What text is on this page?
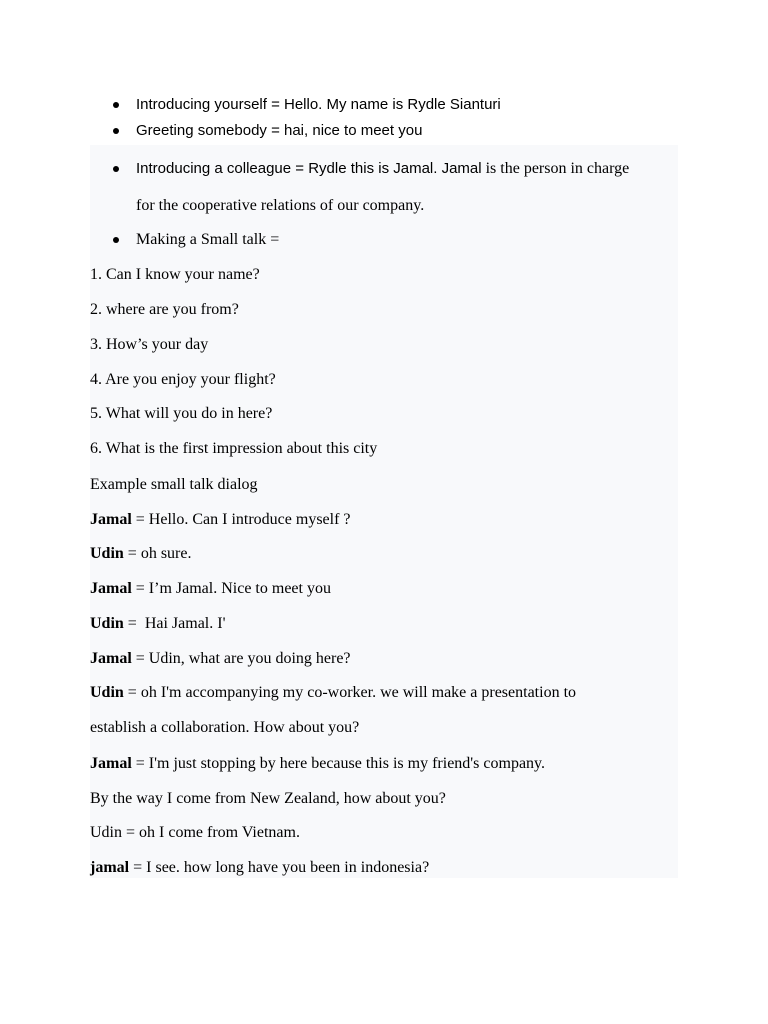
Introducing yourself = Hello. My name is Rydle Sianturi
Greeting somebody = hai, nice to meet you
Introducing a colleague = Rydle this is Jamal. Jamal is the person in charge
for the cooperative relations of our company.
Making a Small talk =
1. Can I know your name?
2. where are you from?
3. How’s your day
4. Are you enjoy your flight?
5. What will you do in here?
6. What is the first impression about this city
Example small talk dialog
Jamal = Hello. Can I introduce myself ?
Udin = oh sure.
Jamal = I’m Jamal. Nice to meet you
Udin =  Hai Jamal. I'
Jamal = Udin, what are you doing here?
Udin = oh I'm accompanying my co-worker. we will make a presentation to
establish a collaboration. How about you?
Jamal = I'm just stopping by here because this is my friend's company.
By the way I come from New Zealand, how about you?
Udin = oh I come from Vietnam.
jamal = I see. how long have you been in indonesia?
